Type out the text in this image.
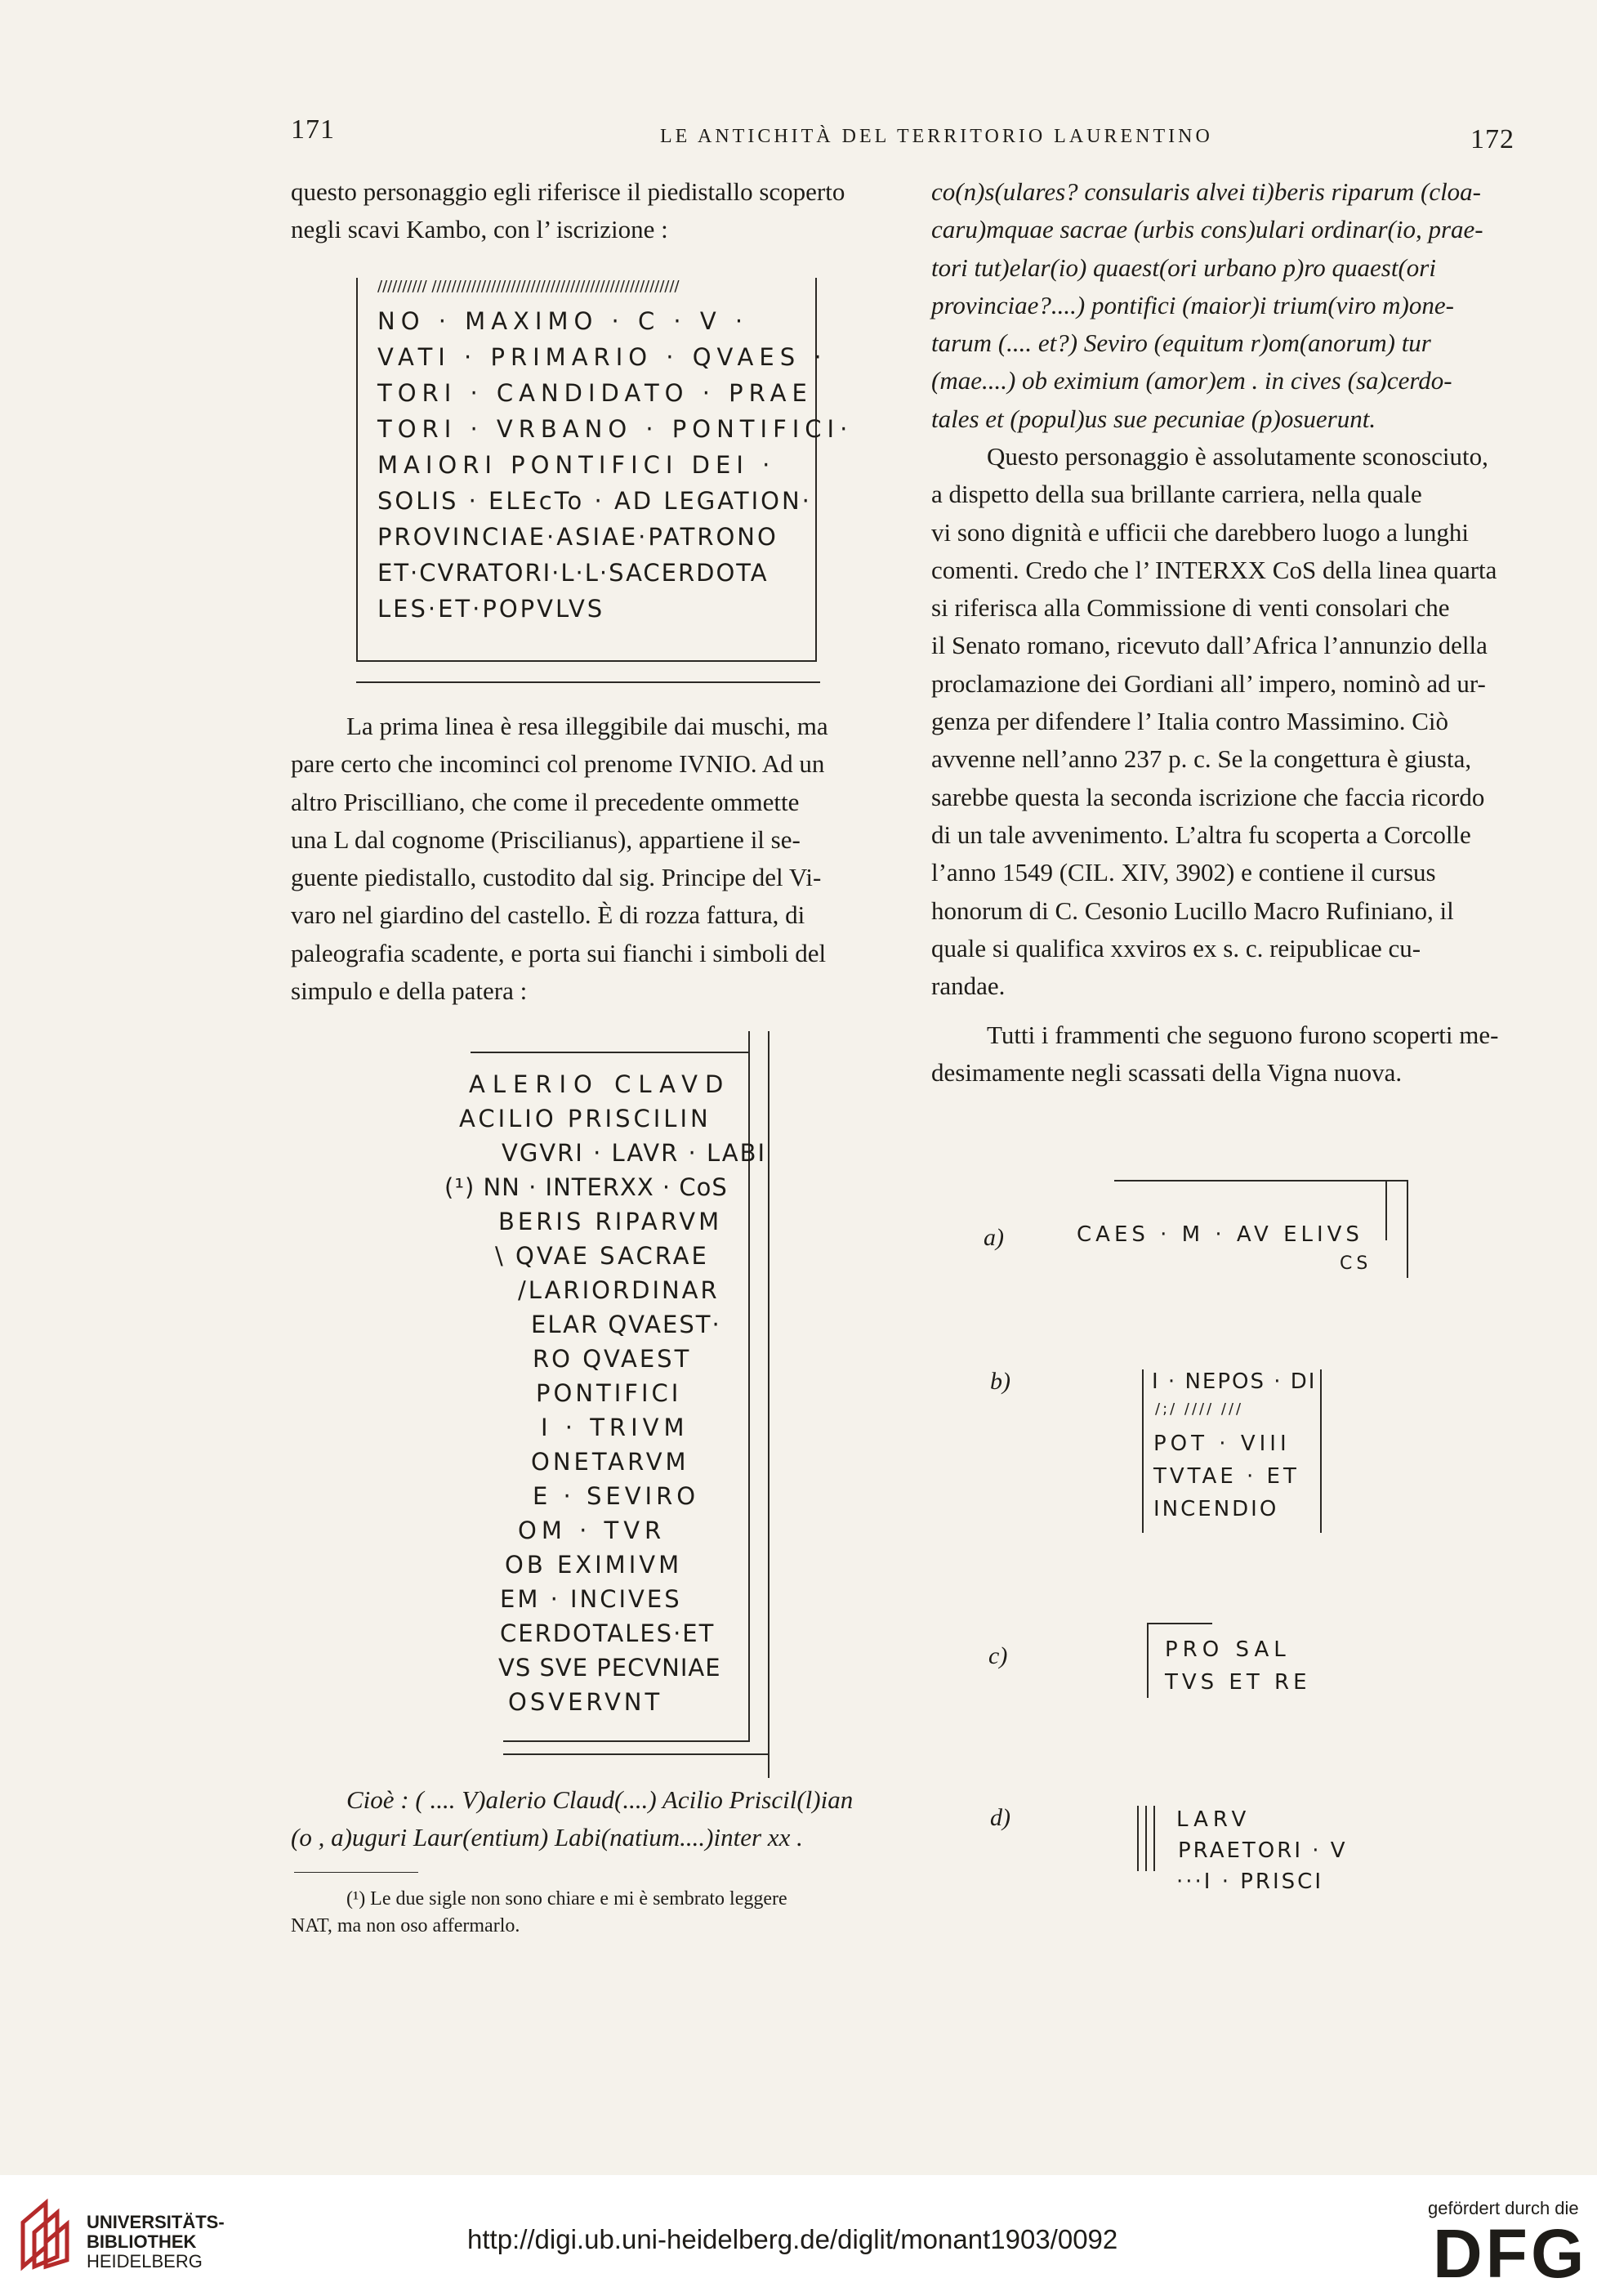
171	LE ANTICHITÀ DEL TERRITORIO LAURENTINO	172

questo personaggio egli riferisce il piedistallo scoperto

negli scavi Kambo, con l’ iscrizione :

////////// //////////////////////////////////////////////////
NO · MAXIMO · C · V ·
VATI · PRIMARIO · QVAES ·
TORI · CANDIDATO · PRAE
TORI · VRBANO · PONTIFICI·
MAIORI PONTIFICI DEI ·
SOLIS · ELEcTo · AD LEGATION·
PROVINCIAE·ASIAE·PATRONO
ET·CVRATORI·L·L·SACERDOTA
LES·ET·POPVLVS

La prima linea è resa illeggibile dai muschi, ma

pare certo che incominci col prenome IVNIO. Ad un

altro Priscilliano, che come il precedente ommette

una L dal cognome (Priscilianus), appartiene il se-

guente piedistallo, custodito dal sig. Principe del Vi-

varo nel giardino del castello. È di rozza fattura, di

paleografia scadente, e porta sui fianchi i simboli del

simpulo e della patera :

ALERIO CLAVD
ACILIO PRISCILIN
VGVRI · LAVR · LABI
(¹) NN · INTERXX · CoS
BERIS RIPARVM
\ QVAE SACRAE
/LARIORDINAR
ELAR QVAEST·
RO QVAEST
PONTIFICI
I · TRIVM
ONETARVM
E · SEVIRO
OM · TVR
OB EXIMIVM
EM · INCIVES
CERDOTALES·ET
VS SVE PECVNIAE
OSVERVNT

Cioè : ( .... V)alerio Claud(....) Acilio Priscil(l)ian

(o , a)uguri Laur(entium) Labi(natium....)inter xx .

(¹) Le due sigle non sono chiare e mi è sembrato leggere
NAT, ma non oso affermarlo.

co(n)s(ulares? consularis alvei ti)beris riparum (cloa-

caru)mquae sacrae (urbis cons)ulari ordinar(io, prae-

tori tut)elar(io) quaest(ori urbano p)ro quaest(ori

provinciae?....) pontifici (maior)i trium(viro m)one-

tarum (.... et?) Seviro (equitum r)om(anorum) tur

(mae....) ob eximium (amor)em . in cives (sa)cerdo-

tales et (popul)us sue pecuniae (p)osuerunt.

Questo personaggio è assolutamente sconosciuto,

a dispetto della sua brillante carriera, nella quale

vi sono dignità e ufficii che darebbero luogo a lunghi

comenti. Credo che l’ INTERXX CoS della linea quarta

si riferisca alla Commissione di venti consolari che

il Senato romano, ricevuto dall’Africa l’annunzio della

proclamazione dei Gordiani all’ impero, nominò ad ur-

genza per difendere l’ Italia contro Massimino. Ciò

avvenne nell’anno 237 p. c. Se la congettura è giusta,

sarebbe questa la seconda iscrizione che faccia ricordo

di un tale avvenimento. L’altra fu scoperta a Corcolle

l’anno 1549 (CIL. XIV, 3902) e contiene il cursus

honorum di C. Cesonio Lucillo Macro Rufiniano, il

quale si qualifica xxviros ex s. c. reipublicae cu-

randae.

Tutti i frammenti che seguono furono scoperti me-

desimamente negli scassati della Vigna nuova.

a)	CAES · M · AV ELIVS
CS
b)	I · NEPOS · DI
/;/ //// ///
POT · VIII
TVTAE · ET
INCENDIO
c)	PRO SAL
TVS ET RE
d)	LARV
PRAETORI · V
···I · PRISCI
UNIVERSITÄTS-
BIBLIOTHEK
HEIDELBERG
http://digi.ub.uni-heidelberg.de/diglit/monant1903/0092
gefördert durch die
DFG
